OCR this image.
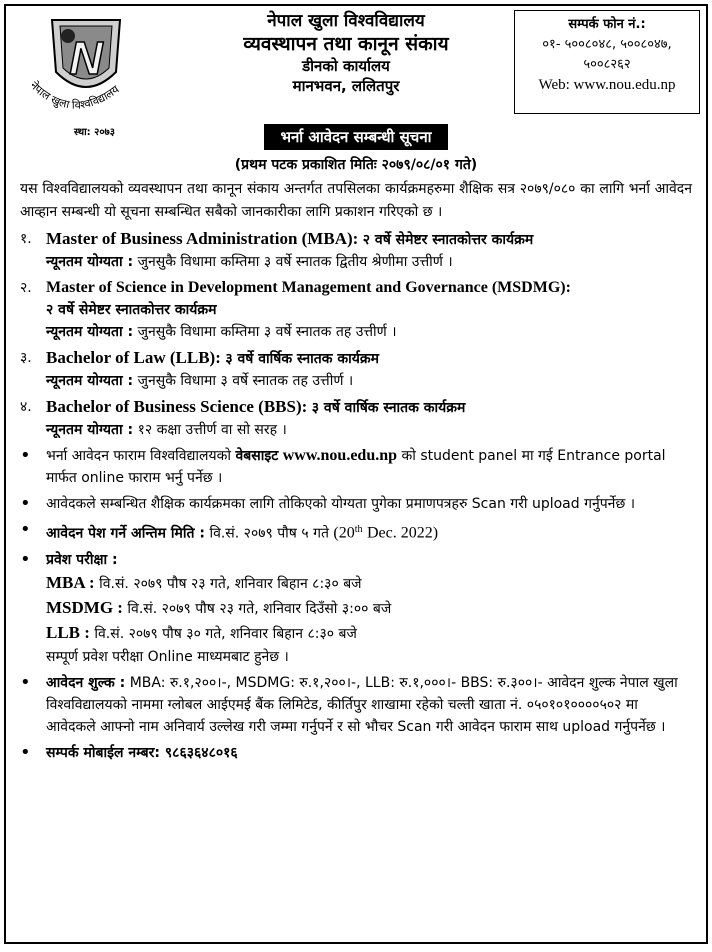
N
नेपाल खुला विश्वविद्यालय
स्था: २०७३
नेपाल खुला विश्वविद्यालय
व्यवस्थापन तथा कानून संकाय
डीनको कार्यालय
मानभवन, ललितपुर
सम्पर्क फोन नं.:
०१- ५००८०४८, ५००८०४७,
५००८२६२
Web: www.nou.edu.np
भर्ना आवेदन सम्बन्धी सूचना
(प्रथम पटक प्रकाशित मितिः २०७९/०८/०१ गते)
यस विश्वविद्यालयको व्यवस्थापन तथा कानून संकाय अन्तर्गत तपसिलका कार्यक्रमहरुमा शैक्षिक सत्र २०७९/०८० का लागि भर्ना आवेदन आव्हान सम्बन्धी यो सूचना सम्बन्धित सबैको जानकारीका लागि प्रकाशन गरिएको छ ।
१. Master of Business Administration (MBA): २ वर्षे सेमेष्टर स्नातकोत्तर कार्यक्रम
न्यूनतम योग्यता : जुनसुकै विधामा कम्तिमा ३ वर्षे स्नातक द्वितीय श्रेणीमा उत्तीर्ण ।
२. Master of Science in Development Management and Governance (MSDMG):
२ वर्षे सेमेष्टर स्नातकोत्तर कार्यक्रम
न्यूनतम योग्यता : जुनसुकै विधामा कम्तिमा ३ वर्षे स्नातक तह उत्तीर्ण ।
३. Bachelor of Law (LLB): ३ वर्षे वार्षिक स्नातक कार्यक्रम
न्यूनतम योग्यता : जुनसुकै विधामा ३ वर्षे स्नातक तह उत्तीर्ण ।
४. Bachelor of Business Science (BBS): ३ वर्षे वार्षिक स्नातक कार्यक्रम
न्यूनतम योग्यता : १२ कक्षा उत्तीर्ण वा सो सरह ।
•	भर्ना आवेदन फाराम विश्वविद्यालयको वेबसाइट www.nou.edu.np को student panel मा गई Entrance portal मार्फत online फाराम भर्नु पर्नेछ ।
•	आवेदकले सम्बन्धित शैक्षिक कार्यक्रमका लागि तोकिएको योग्यता पुगेका प्रमाणपत्रहरु Scan गरी upload गर्नुपर्नेछ ।
•	आवेदन पेश गर्ने अन्तिम मिति : वि.सं. २०७९ पौष ५ गते (20th Dec. 2022)
•	प्रवेश परीक्षा :
MBA : वि.सं. २०७९ पौष २३ गते, शनिवार बिहान ८:३० बजे
MSDMG : वि.सं. २०७९ पौष २३ गते, शनिवार दिउँसो ३:०० बजे
LLB : वि.सं. २०७९ पौष ३० गते, शनिवार बिहान ८:३० बजे
सम्पूर्ण प्रवेश परीक्षा Online माध्यमबाट हुनेछ ।
•	आवेदन शुल्क : MBA: रु.१,२००।-, MSDMG: रु.१,२००।-, LLB: रु.१,०००।- BBS: रु.३००।- आवेदन शुल्क नेपाल खुला विश्वविद्यालयको नाममा ग्लोबल आईएमई बैंक लिमिटेड, कीर्तिपुर शाखामा रहेको चल्ती खाता नं. ०५०१०१००००५०२ मा आवेदकले आफ्नो नाम अनिवार्य उल्लेख गरी जम्मा गर्नुपर्ने र सो भौचर Scan गरी आवेदन फाराम साथ upload गर्नुपर्नेछ ।
•	सम्पर्क मोबाईल नम्बर: ९८६३६४८०१६
